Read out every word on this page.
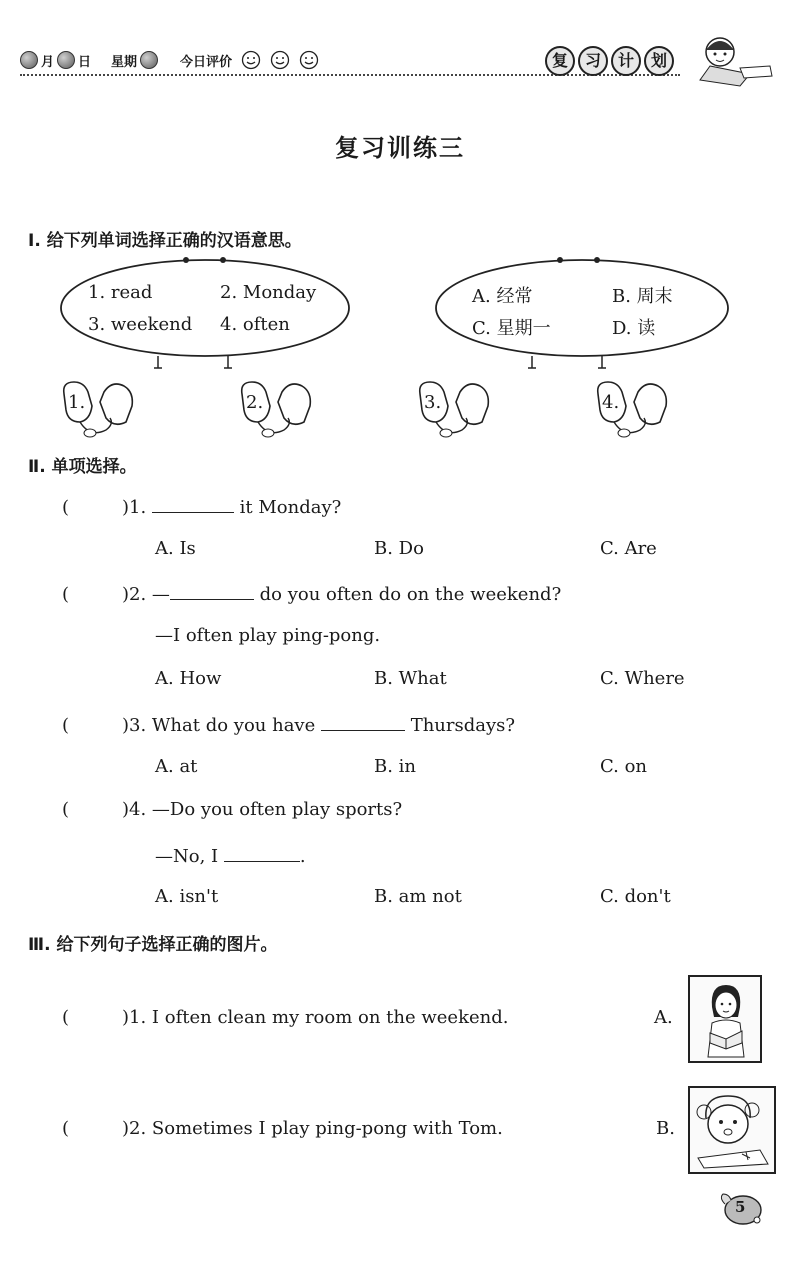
月 日 星期	今日评价	复	习	计	划
复习训练三
Ⅰ. 给下列单词选择正确的汉语意思。
1. read	2. Monday
3. weekend 4. often
A. 经常	B. 周末
C. 星期一	D. 读
1.	2.	3.	4.
Ⅱ. 单项选择。
(	)1.	it Monday?
A. Is	B. Do	C. Are
(	)2. —	do you often do on the weekend?
—I often play ping-pong.
A. How	B. What	C. Where
(	)3. What do you have	Thursdays?
A. at	B. in	C. on
(	)4. —Do you often play sports?
—No, I	.
A. isn't	B. am not	C. don't
Ⅲ. 给下列句子选择正确的图片。
(	)1. I often clean my room on the weekend.	A.
(	)2. Sometimes I play ping-pong with Tom.	B.
5
